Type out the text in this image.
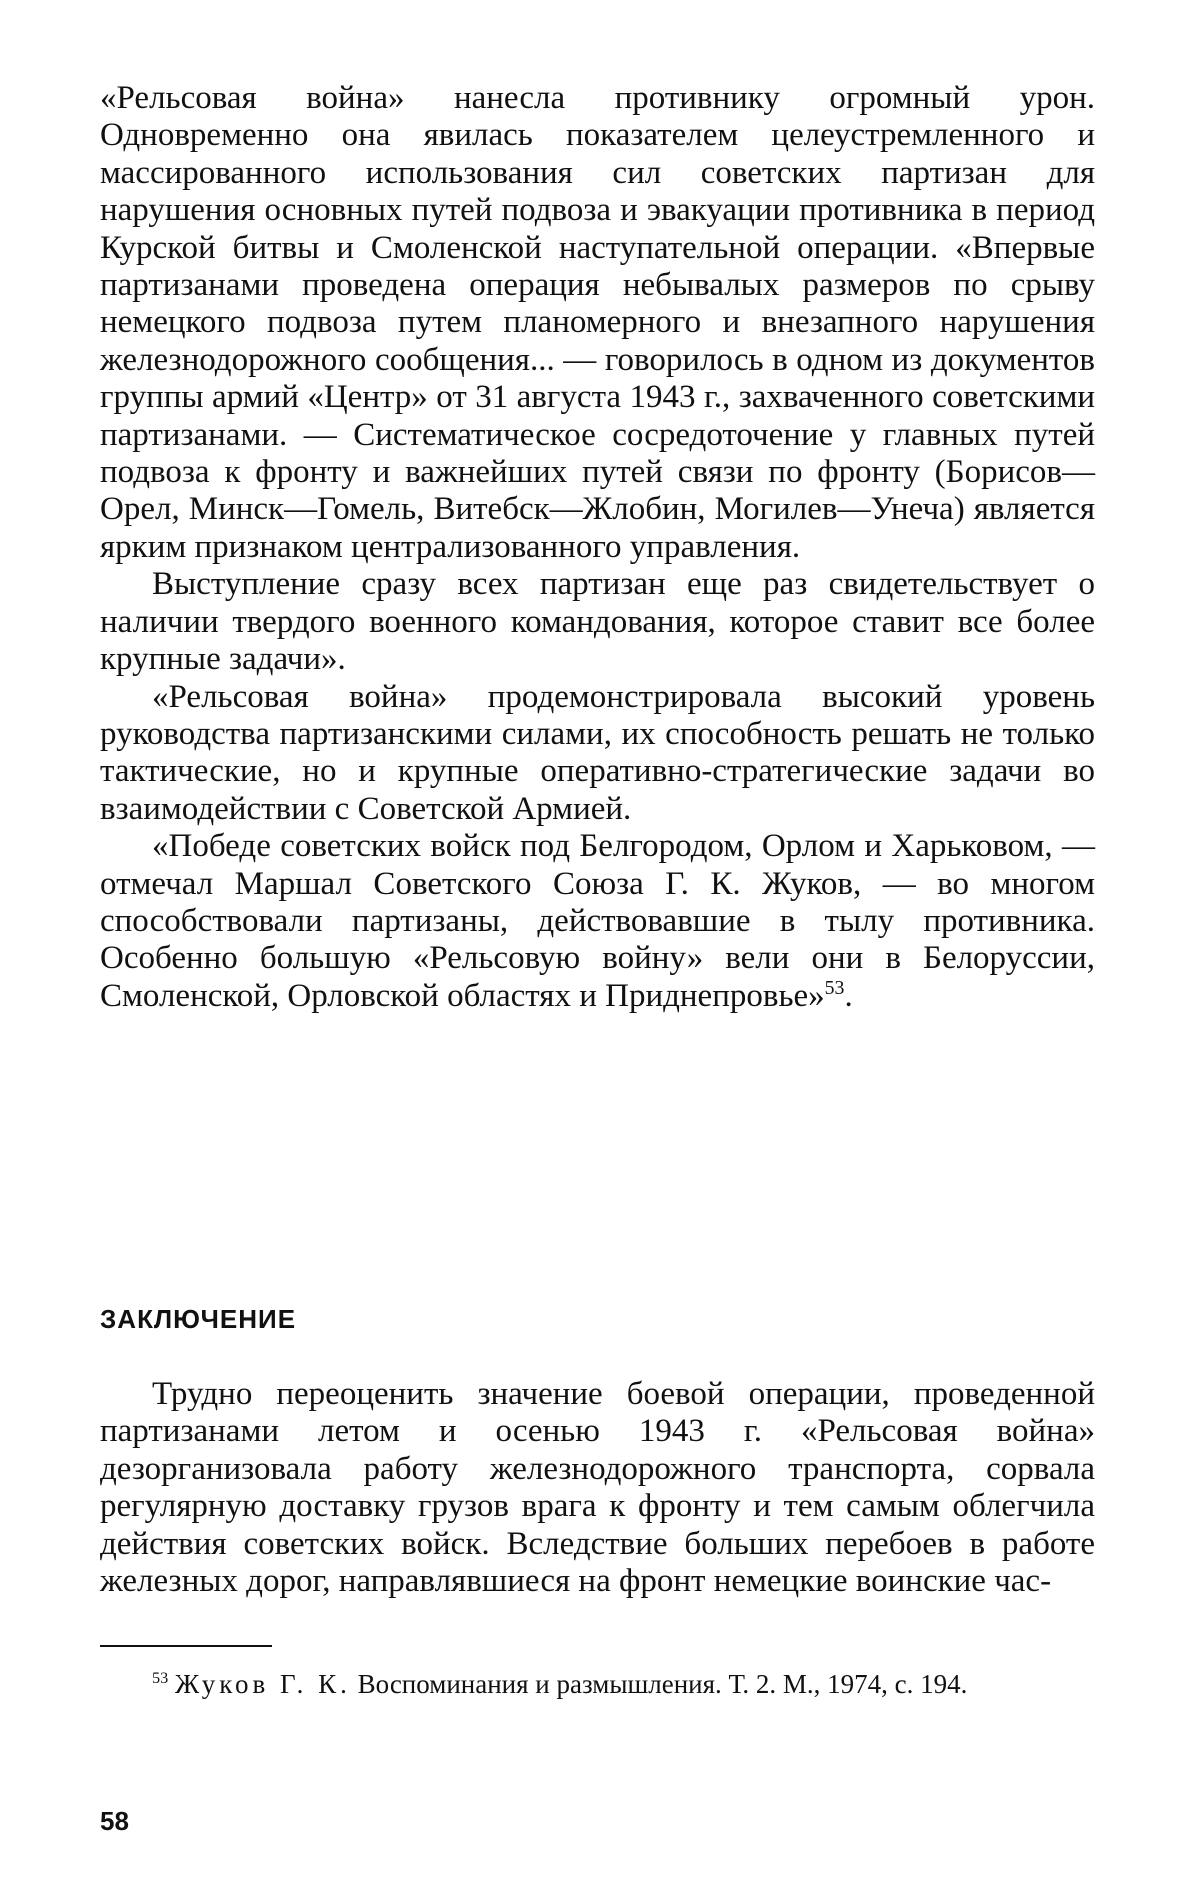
«Рельсовая война» нанесла противнику огромный урон. Одновременно она явилась показателем целеустремленного и массированного использования сил советских партизан для нарушения основных путей подвоза и эвакуации противника в период Курской битвы и Смоленской наступательной операции. «Впервые партизанами проведена операция небывалых размеров по срыву немецкого подвоза путем планомерного и внезапного нарушения железнодорожного сообщения... — говорилось в одном из документов группы армий «Центр» от 31 августа 1943 г., захваченного советскими партизанами. — Систематическое сосредоточение у главных путей подвоза к фронту и важнейших путей связи по фронту (Борисов—Орел, Минск—Гомель, Витебск—Жлобин, Могилев—Унеча) является ярким признаком централизованного управления.

Выступление сразу всех партизан еще раз свидетельствует о наличии твердого военного командования, которое ставит все более крупные задачи».

«Рельсовая война» продемонстрировала высокий уровень руководства партизанскими силами, их способность решать не только тактические, но и крупные оперативно-стратегические задачи во взаимодействии с Советской Армией.

«Победе советских войск под Белгородом, Орлом и Харьковом, — отмечал Маршал Советского Союза Г. К. Жуков, — во многом способствовали партизаны, действовавшие в тылу противника. Особенно большую «Рельсовую войну» вели они в Белоруссии, Смоленской, Орловской областях и Приднепровье»$^{53}$.

ЗАКЛЮЧЕНИЕ

Трудно переоценить значение боевой операции, проведенной партизанами летом и осенью 1943 г. «Рельсовая война» дезорганизовала работу железнодорожного транспорта, сорвала регулярную доставку грузов врага к фронту и тем самым облегчила действия советских войск. Вследствие больших перебоев в работе железных дорог, направлявшиеся на фронт немецкие воинские час-

$^{53}$ Жуков Г. К. Воспоминания и размышления. Т. 2. М., 1974, с. 194.
58
